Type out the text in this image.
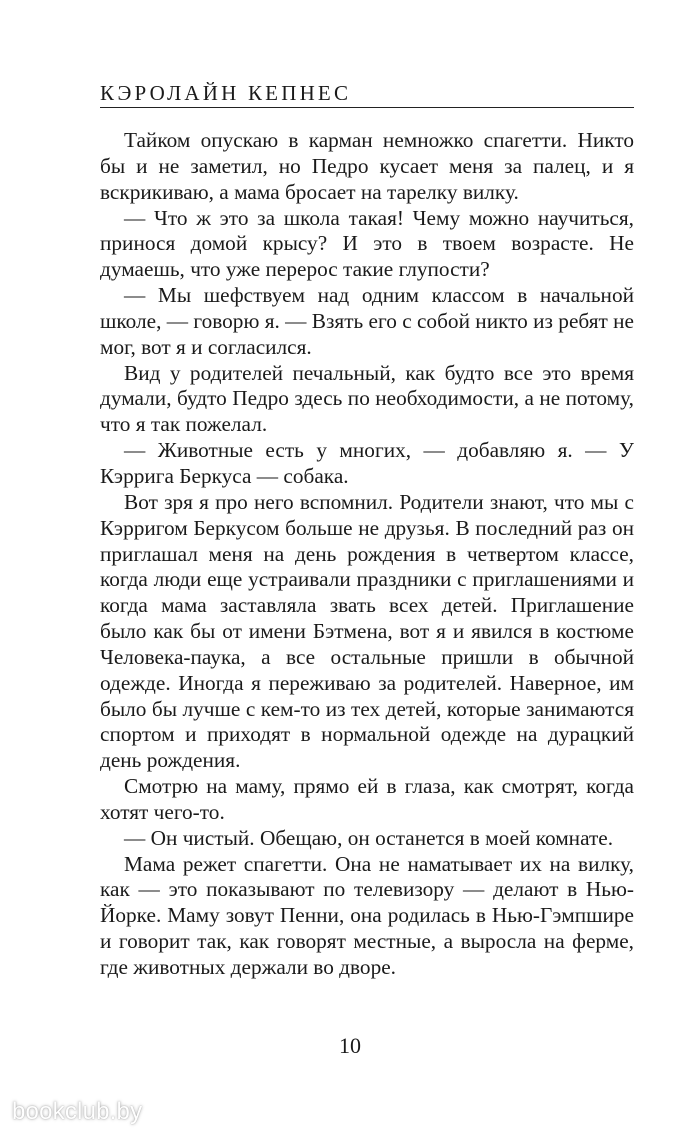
КЭРОЛАЙН КЕПНЕС

Тайком опускаю в карман немножко спагетти. Никто бы и не заметил, но Педро кусает меня за палец, и я вскрикиваю, а мама бросает на тарелку вилку.

— Что ж это за школа такая! Чему можно научиться, принося домой крысу? И это в твоем возрасте. Не думаешь, что уже перерос такие глупости?

— Мы шефствуем над одним классом в начальной школе, — говорю я. — Взять его с собой никто из ребят не мог, вот я и согласился.

Вид у родителей печальный, как будто все это время думали, будто Педро здесь по необходимости, а не потому, что я так пожелал.

— Животные есть у многих, — добавляю я. — У Кэррига Беркуса — собака.

Вот зря я про него вспомнил. Родители знают, что мы с Кэрригом Беркусом больше не друзья. В последний раз он приглашал меня на день рождения в четвертом классе, когда люди еще устраивали праздники с приглашениями и когда мама заставляла звать всех детей. Приглашение было как бы от имени Бэтмена, вот я и явился в костюме Человека-паука, а все остальные пришли в обычной одежде. Иногда я переживаю за родителей. Наверное, им было бы лучше с кем-то из тех детей, которые занимаются спортом и приходят в нормальной одежде на дурацкий день рождения.

Смотрю на маму, прямо ей в глаза, как смотрят, когда хотят чего-то.

— Он чистый. Обещаю, он останется в моей комнате.

Мама режет спагетти. Она не наматывает их на вилку, как — это показывают по телевизору — делают в Нью-Йорке. Маму зовут Пенни, она родилась в Нью-Гэмпшире и говорит так, как говорят местные, а выросла на ферме, где животных держали во дворе.

10
bookclub.by
